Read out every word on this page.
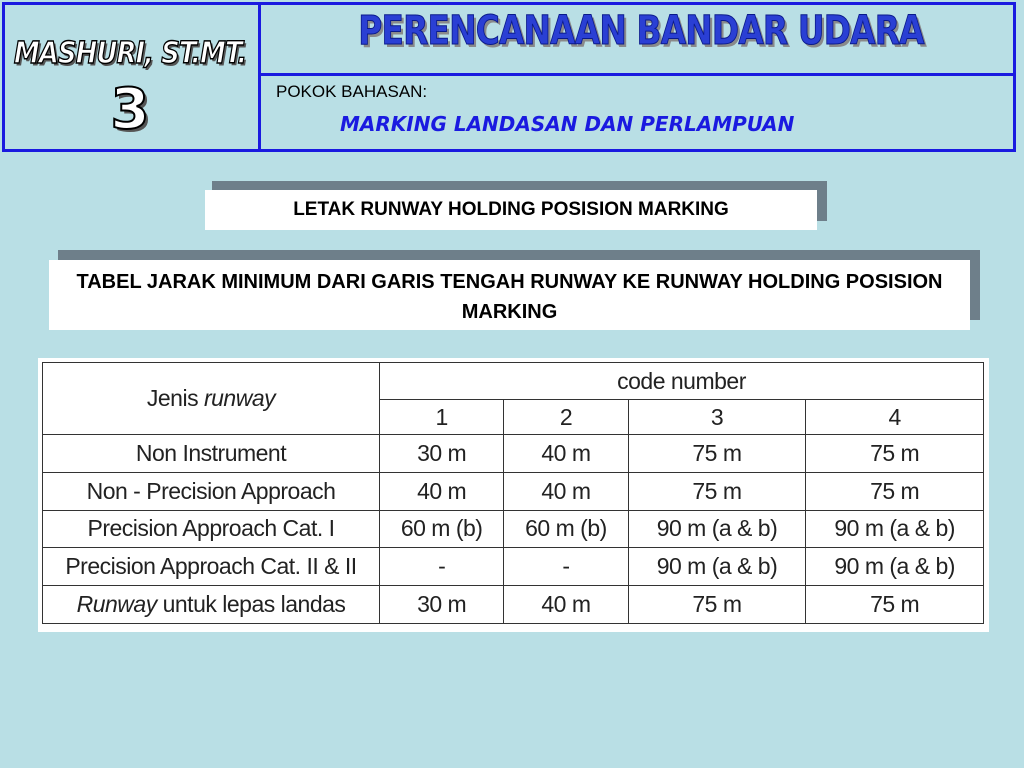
MASHURI, ST.MT.
3
PERENCANAAN BANDAR UDARA
POKOK BAHASAN:
MARKING LANDASAN DAN PERLAMPUAN
LETAK RUNWAY HOLDING POSISION MARKING
TABEL JARAK MINIMUM DARI GARIS TENGAH RUNWAY KE RUNWAY HOLDING POSISION MARKING
Jenis runway	code number			
	1	2	3	4
Non Instrument	30 m	40 m	75 m	75 m
Non - Precision Approach	40 m	40 m	75 m	75 m
Precision Approach Cat. I	60 m (b)	60 m (b)	90 m (a & b)	90 m (a & b)
Precision Approach Cat. II & II	-	-	90 m (a & b)	90 m (a & b)
Runway untuk lepas landas	30 m	40 m	75 m	75 m
